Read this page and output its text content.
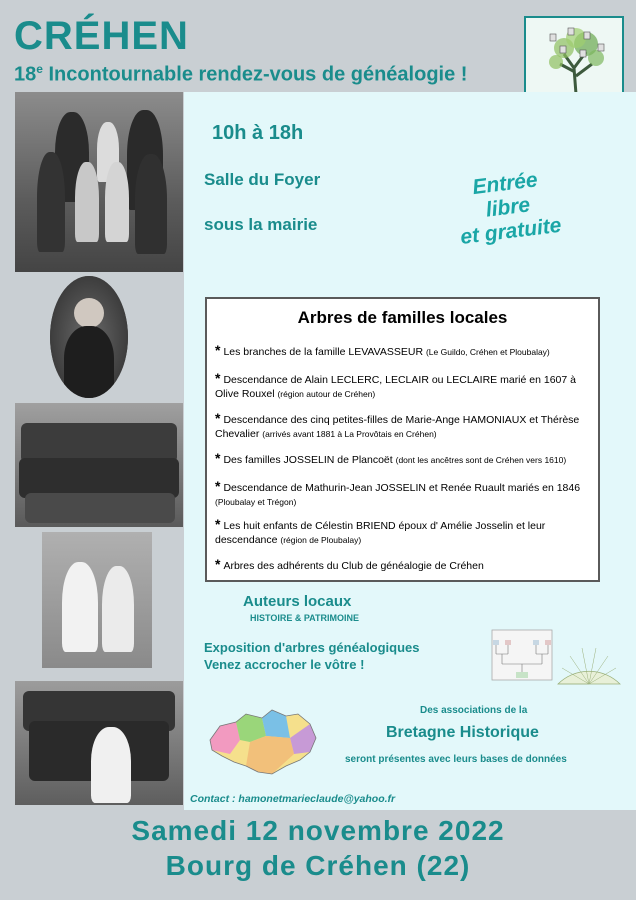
CRÉHEN
18e Incontournable rendez-vous de généalogie !
10h à 18h
Salle du Foyer
sous la mairie
Entrée
libre
et gratuite
Arbres de familles locales
* Les branches de la famille LEVAVASSEUR (Le Guildo, Créhen et Ploubalay)
* Descendance de Alain LECLERC, LECLAIR ou LECLAIRE marié en 1607 à Olive Rouxel (région autour de Créhen)
* Descendance des cinq petites-filles de Marie-Ange HAMONIAUX et Thérèse Chevalier (arrivés avant 1881 à La Provôtais en Créhen)
* Des familles JOSSELIN de Plancoët (dont les ancêtres sont de Créhen vers 1610)
* Descendance de Mathurin-Jean JOSSELIN et Renée Ruault mariés en 1846 (Ploubalay et Trégon)
* Les huit enfants de Célestin BRIEND époux d' Amélie Josselin et leur descendance (région de Ploubalay)
* Arbres des adhérents du Club de généalogie de Créhen
Auteurs locaux
HISTOIRE & PATRIMOINE
Exposition d'arbres généalogiques
Venez accrocher le vôtre !
Des associations de la
Bretagne Historique
seront présentes avec leurs bases de données
Contact : hamonetmarieclaude@yahoo.fr
Samedi 12 novembre 2022
Bourg de Créhen (22)
